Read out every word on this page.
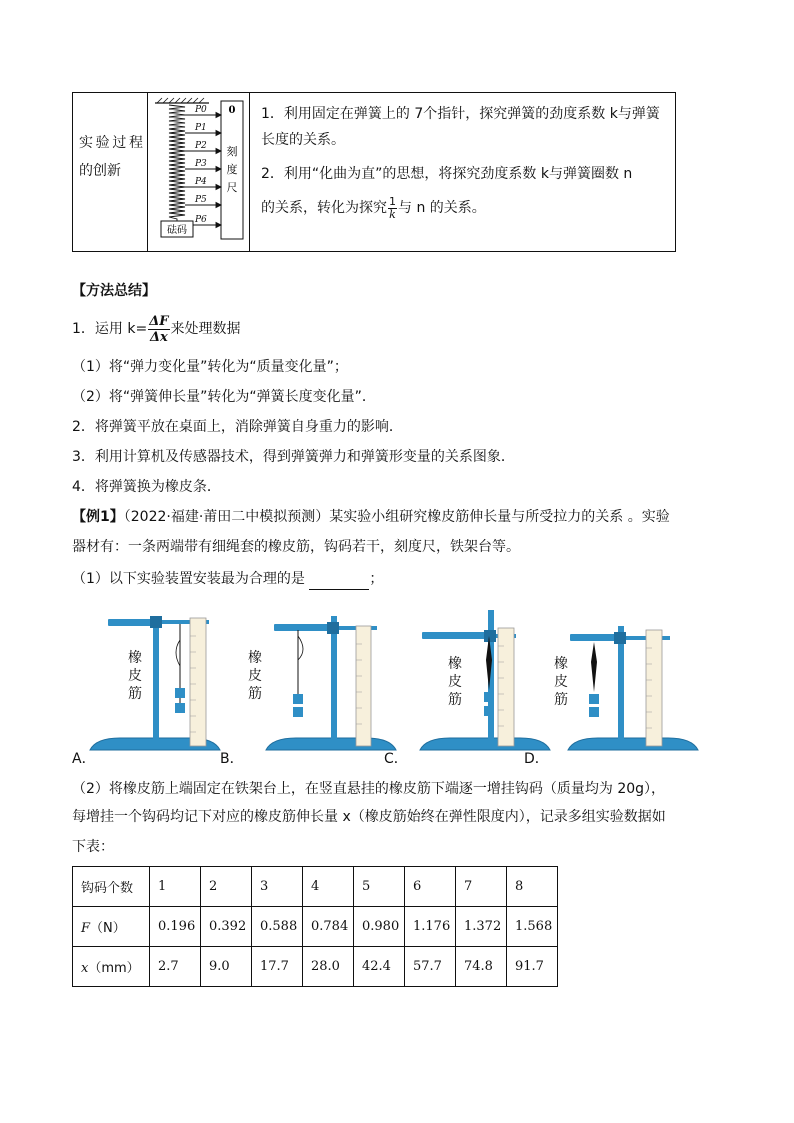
实验过程的创新
0
刻
度
尺
P0
P1
P2
P3
P4
P5
P6
砝码
1．利用固定在弹簧上的 7个指针，探究弹簧的劲度系数 k与弹簧长度的关系。
2．利用“化曲为直”的思想，将探究劲度系数 k与弹簧圈数 n
的关系，转化为探究 $\frac{1}{k}$ 与 n 的关系。
【方法总结】
1．运用 $k= \frac{\Delta F}{\Delta x}$ 来处理数据
（1）将“弹力变化量”转化为“质量变化量”；
（2）将“弹簧伸长量”转化为“弹簧长度变化量”．
2．将弹簧平放在桌面上，消除弹簧自身重力的影响．
3．利用计算机及传感器技术，得到弹簧弹力和弹簧形变量的关系图象．
4．将弹簧换为橡皮条．
【例1】（2022·福建·莆田二中模拟预测）某实验小组研究橡皮筋伸长量与所受拉力的关系 。实验
器材有：一条两端带有细绳套的橡皮筋，钩码若干，刻度尺，铁架台等。
（1）以下实验装置安装最为合理的是	；
橡
皮
筋
橡
皮
筋
橡
皮
筋
橡
皮
筋
A．	B．	C．	D．
（2）将橡皮筋上端固定在铁架台上，在竖直悬挂的橡皮筋下端逐一增挂钩码（质量均为 20g），
每增挂一个钩码均记下对应的橡皮筋伸长量 x（橡皮筋始终在弹性限度内），记录多组实验数据如
下表：
钩码个数	1	2	3	4	5	6	7	8
F（N）	0.196	0.392	0.588	0.784	0.980	1.176	1.372	1.568
x（mm）	2.7	9.0	17.7	28.0	42.4	57.7	74.8	91.7
